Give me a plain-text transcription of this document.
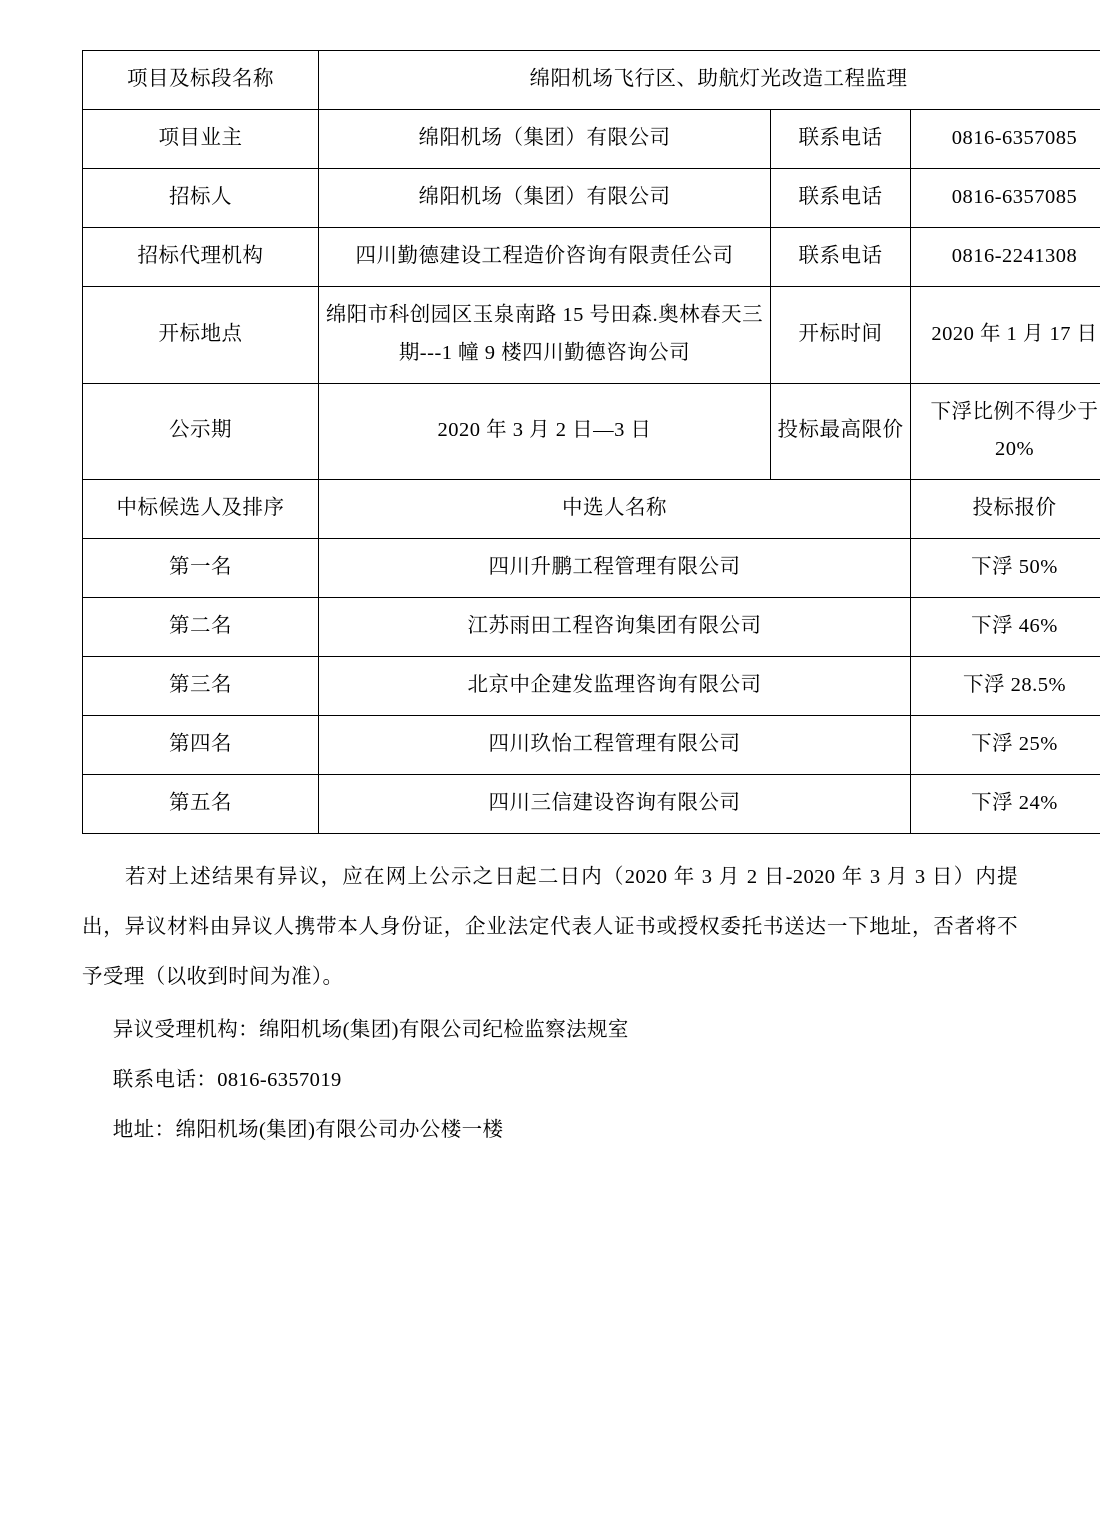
项目及标段名称	绵阳机场飞行区、助航灯光改造工程监理		
项目业主	绵阳机场（集团）有限公司	联系电话	0816-6357085
招标人	绵阳机场（集团）有限公司	联系电话	0816-6357085
招标代理机构	四川勤德建设工程造价咨询有限责任公司	联系电话	0816-2241308
开标地点	绵阳市科创园区玉泉南路 15 号田森.奥林春天三期---1 幢 9 楼四川勤德咨询公司	开标时间	2020 年 1 月 17 日
公示期	2020 年 3 月 2 日—3 日	投标最高限价	下浮比例不得少于 20%
中标候选人及排序	中选人名称		投标报价
第一名	四川升鹏工程管理有限公司		下浮 50%
第二名	江苏雨田工程咨询集团有限公司		下浮 46%
第三名	北京中企建发监理咨询有限公司		下浮 28.5%
第四名	四川玖怡工程管理有限公司		下浮 25%
第五名	四川三信建设咨询有限公司		下浮 24%

若对上述结果有异议，应在网上公示之日起二日内（2020 年 3 月 2 日-2020 年 3 月 3 日）内提出，异议材料由异议人携带本人身份证，企业法定代表人证书或授权委托书送达一下地址，否者将不予受理（以收到时间为准）。

异议受理机构：绵阳机场(集团)有限公司纪检监察法规室

联系电话：0816-6357019

地址：绵阳机场(集团)有限公司办公楼一楼
